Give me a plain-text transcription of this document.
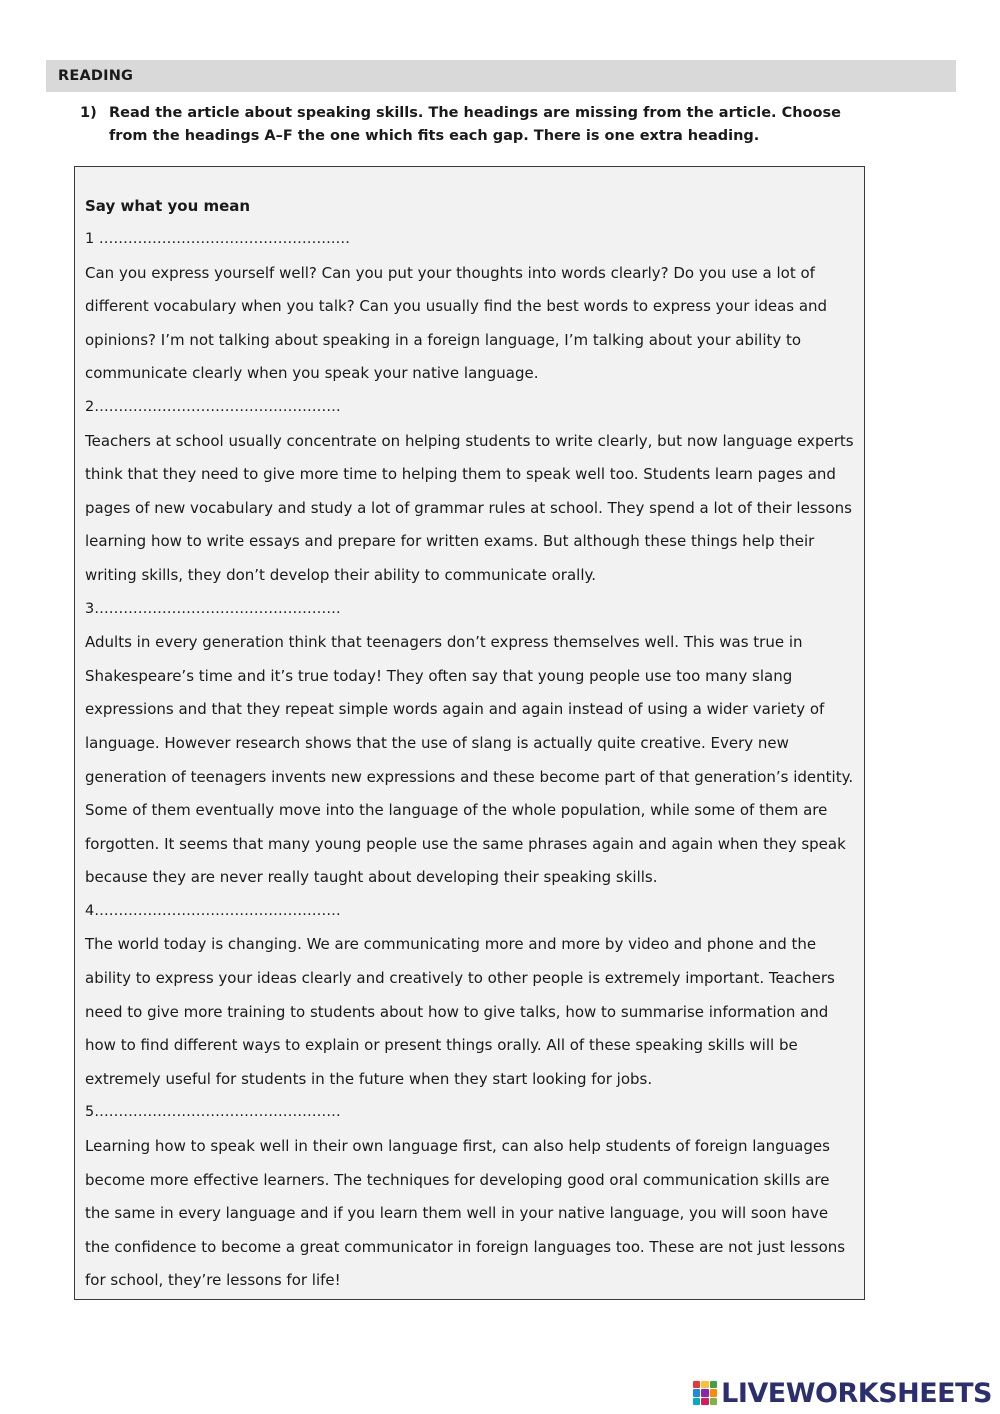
READING
1) Read the article about speaking skills. The headings are missing from the article. Choose from the headings A–F the one which fits each gap. There is one extra heading.
Say what you mean
1 ………………………………………….…

Can you express yourself well? Can you put your thoughts into words clearly? Do you use a lot of different vocabulary when you talk? Can you usually find the best words to express your ideas and opinions? I’m not talking about speaking in a foreign language, I’m talking about your ability to communicate clearly when you speak your native language.

2……………………………………………

Teachers at school usually concentrate on helping students to write clearly, but now language experts think that they need to give more time to helping them to speak well too. Students learn pages and pages of new vocabulary and study a lot of grammar rules at school. They spend a lot of their lessons learning how to write essays and prepare for written exams. But although these things help their writing skills, they don’t develop their ability to communicate orally.

3……………………………………………

Adults in every generation think that teenagers don’t express themselves well. This was true in Shakespeare’s time and it’s true today! They often say that young people use too many slang expressions and that they repeat simple words again and again instead of using a wider variety of language. However research shows that the use of slang is actually quite creative. Every new generation of teenagers invents new expressions and these become part of that generation’s identity. Some of them eventually move into the language of the whole population, while some of them are forgotten. It seems that many young people use the same phrases again and again when they speak because they are never really taught about developing their speaking skills.

4……………………………………………

The world today is changing. We are communicating more and more by video and phone and the ability to express your ideas clearly and creatively to other people is extremely important. Teachers need to give more training to students about how to give talks, how to summarise information and how to find different ways to explain or present things orally. All of these speaking skills will be extremely useful for students in the future when they start looking for jobs.

5……………………………………………

Learning how to speak well in their own language first, can also help students of foreign languages become more effective learners. The techniques for developing good oral communication skills are the same in every language and if you learn them well in your native language, you will soon have the confidence to become a great communicator in foreign languages too. These are not just lessons for school, they’re lessons for life!

LIVEWORKSHEETS
